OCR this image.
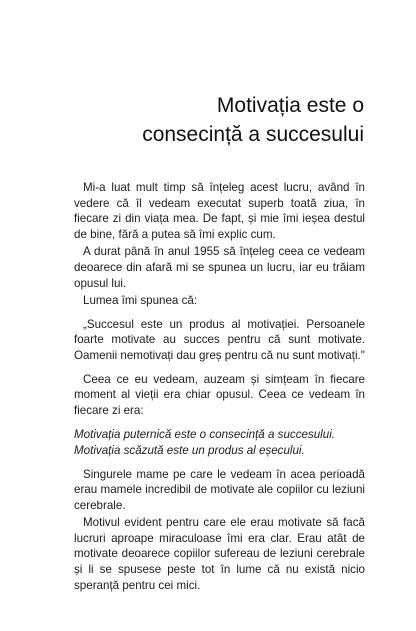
Motivația este o
consecință a succesului

Mi-a luat mult timp să înțeleg acest lucru, având în vedere că îl vedeam executat superb toată ziua, în fiecare zi din viața mea. De fapt, și mie îmi ieșea destul de bine, fără a putea să îmi explic cum.

A durat până în anul 1955 să înțeleg ceea ce vedeam deoarece din afară mi se spunea un lucru, iar eu trăiam opusul lui.

Lumea îmi spunea că:

„Succesul este un produs al motivației. Persoanele foarte motivate au succes pentru că sunt motivate. Oamenii nemotivați dau greș pentru că nu sunt motivați."

Ceea ce eu vedeam, auzeam și simțeam în fiecare moment al vieții era chiar opusul. Ceea ce vedeam în fiecare zi era:

Motivația puternică este o consecință a succesului.

Motivația scăzută este un produs al eșecului.

Singurele mame pe care le vedeam în acea perioadă erau mamele incredibil de motivate ale copiilor cu leziuni cerebrale.

Motivul evident pentru care ele erau motivate să facă lucruri aproape miraculoase îmi era clar. Erau atât de motivate deoarece copiilor sufereau de leziuni cerebrale și li se spusese peste tot în lume că nu există nicio speranță pentru cei mici.
